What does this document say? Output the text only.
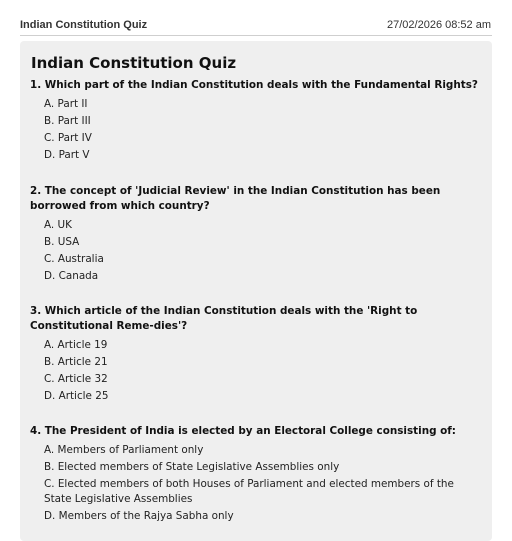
Indian Constitution Quiz	27/02/2026 08:52 am
Indian Constitution Quiz

1. Which part of the Indian Constitution deals with the Fundamental Rights?

A. Part II
B. Part III
C. Part IV
D. Part V

2. The concept of 'Judicial Review' in the Indian Constitution has been borrowed from which country?

A. UK
B. USA
C. Australia
D. Canada

3. Which article of the Indian Constitution deals with the 'Right to Constitutional Reme-dies'?

A. Article 19
B. Article 21
C. Article 32
D. Article 25

4. The President of India is elected by an Electoral College consisting of:

A. Members of Parliament only
B. Elected members of State Legislative Assemblies only
C. Elected members of both Houses of Parliament and elected members of the State Legislative Assemblies
D. Members of the Rajya Sabha only
